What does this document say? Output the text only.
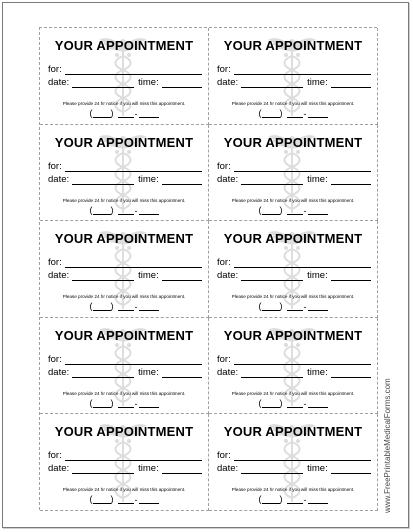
YOUR APPOINTMENT
for:
date:	time:
Please provide 24 hr notice if you will miss this appointment.
( ) -
YOUR APPOINTMENT
for:
date:	time:
Please provide 24 hr notice if you will miss this appointment.
( ) -
YOUR APPOINTMENT
for:
date:	time:
Please provide 24 hr notice if you will miss this appointment.
( ) -
YOUR APPOINTMENT
for:
date:	time:
Please provide 24 hr notice if you will miss this appointment.
( ) -
YOUR APPOINTMENT
for:
date:	time:
Please provide 24 hr notice if you will miss this appointment.
( ) -
YOUR APPOINTMENT
for:
date:	time:
Please provide 24 hr notice if you will miss this appointment.
( ) -
YOUR APPOINTMENT
for:
date:	time:
Please provide 24 hr notice if you will miss this appointment.
( ) -
YOUR APPOINTMENT
for:
date:	time:
Please provide 24 hr notice if you will miss this appointment.
( ) -
YOUR APPOINTMENT
for:
date:	time:
Please provide 24 hr notice if you will miss this appointment.
( ) -
YOUR APPOINTMENT
for:
date:	time:
Please provide 24 hr notice if you will miss this appointment.
( ) -	www.FreePrintableMedicalForms.com
